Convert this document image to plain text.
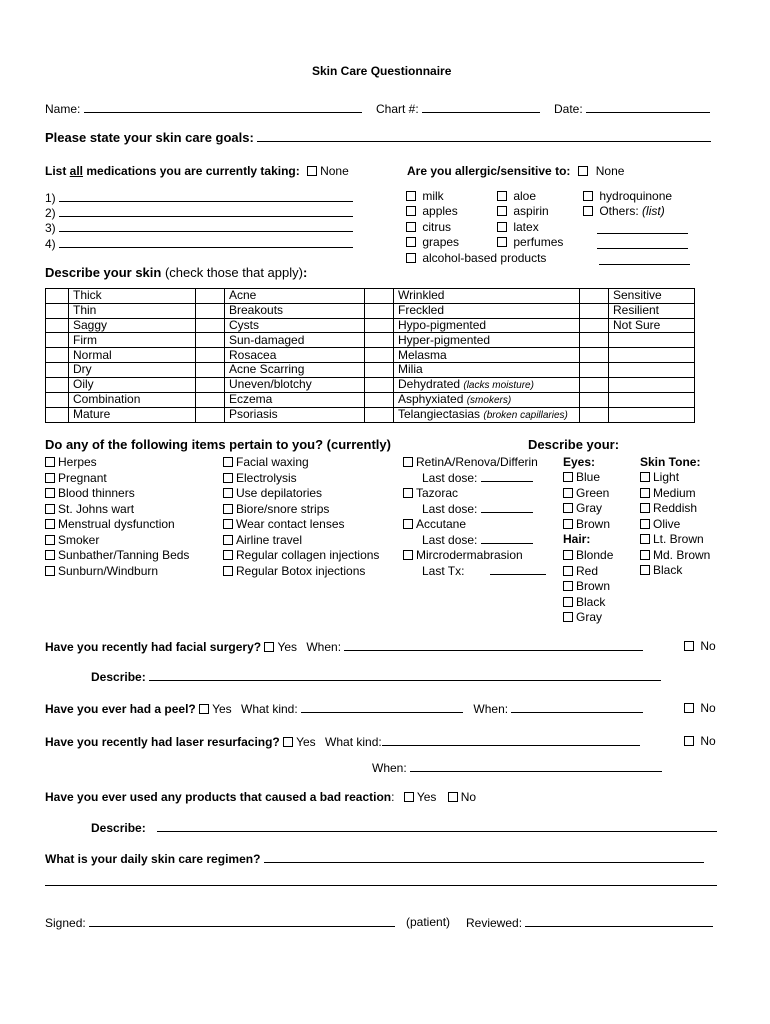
Skin Care Questionnaire
Name:	Chart #:	Date:
Please state your skin care goals:
List all medications you are currently taking: None
1)
2)
3)
4)
Are you allergic/sensitive to: None
milk
apples
citrus
grapes
alcohol-based products
aloe
aspirin
latex
perfumes
hydroquinone
Others: (list)
Describe your skin (check those that apply):
	Thick		Acne		Wrinkled		Sensitive
	Thin		Breakouts		Freckled		Resilient
	Saggy		Cysts		Hypo-pigmented		Not Sure
	Firm		Sun-damaged		Hyper-pigmented		
	Normal		Rosacea		Melasma		
	Dry		Acne Scarring		Milia		
	Oily		Uneven/blotchy		Dehydrated (lacks moisture)		
	Combination		Eczema		Asphyxiated (smokers)		
	Mature		Psoriasis		Telangiectasias (broken capillaries)		
Do any of the following items pertain to you? (currently)	Describe your:
Herpes
Pregnant
Blood thinners
St. Johns wart
Menstrual dysfunction
Smoker
Sunbather/Tanning Beds
Sunburn/Windburn
Facial waxing
Electrolysis
Use depilatories
Biore/snore strips
Wear contact lenses
Airline travel
Regular collagen injections
Regular Botox injections
RetinA/Renova/Differin
Last dose:
Tazorac
Last dose:
Accutane
Last dose:
Mircrodermabrasion
Last Tx:
Eyes:
Blue
Green
Gray
Brown
Hair:
Blonde
Red
Brown
Black
Gray
Skin Tone:
Light
Medium
Reddish
Olive
Lt. Brown
Md. Brown
Black
Have you recently had facial surgery? Yes When:	No
Describe:
Have you ever had a peel? Yes What kind:	When:	No
Have you recently had laser resurfacing? Yes What kind:	No
When:
Have you ever used any products that caused a bad reaction: Yes No
Describe:
What is your daily skin care regimen?
Signed:	(patient) Reviewed:
